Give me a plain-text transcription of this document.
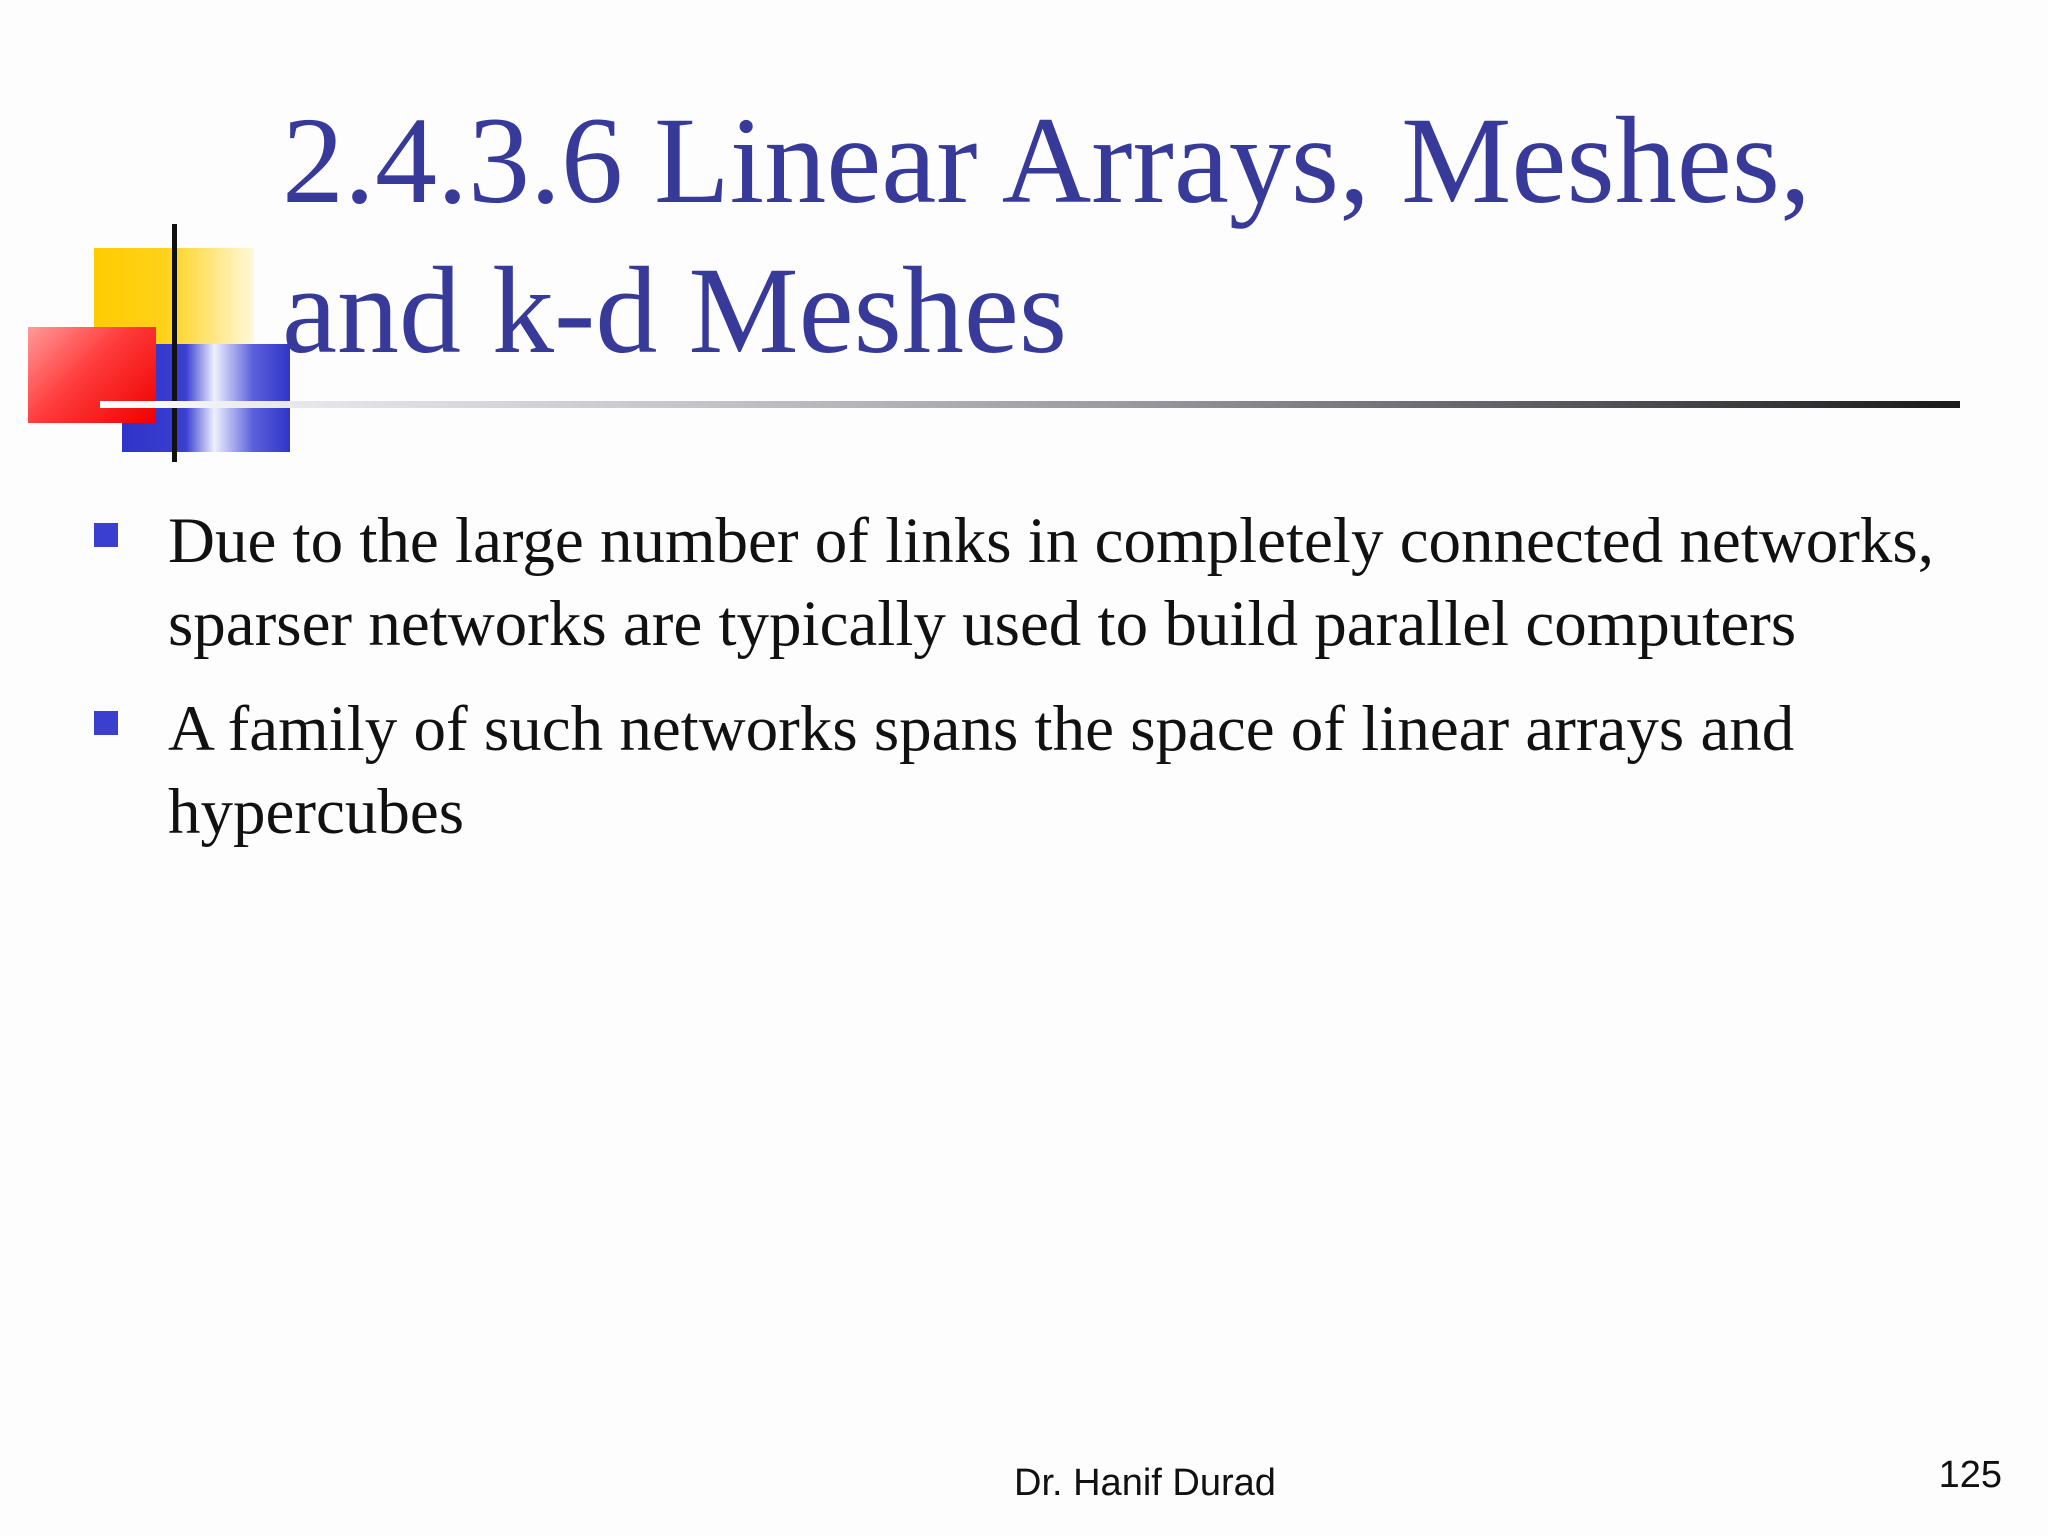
2.4.3.6 Linear Arrays, Meshes, and k-d Meshes
Due to the large number of links in completely connected networks, sparser networks are typically used to build parallel computers
A family of such networks spans the space of linear arrays and hypercubes
Dr. Hanif Durad	125
